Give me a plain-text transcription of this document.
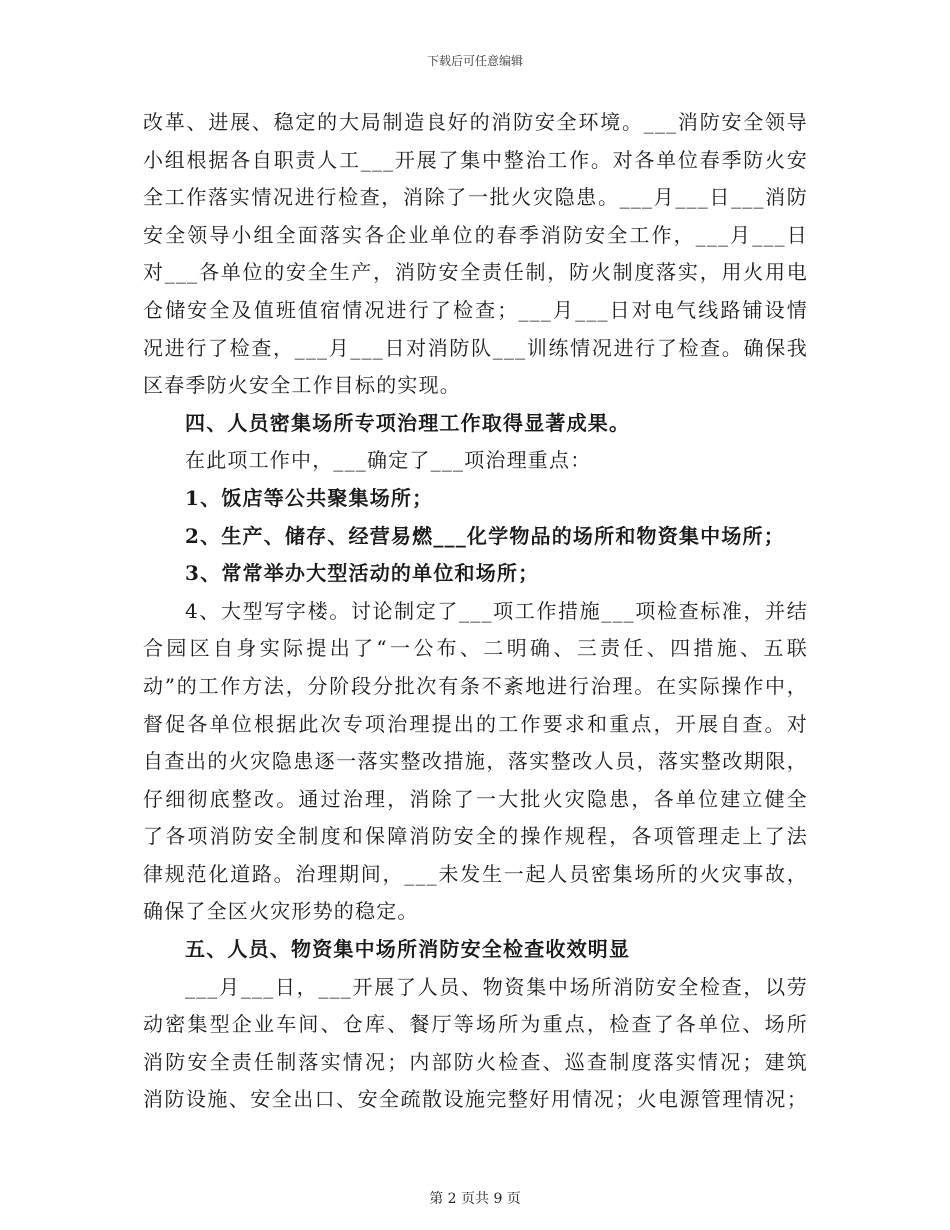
下载后可任意编辑
改革、进展、稳定的大局制造良好的消防安全环境。___消防安全领导
小组根据各自职责人工___开展了集中整治工作。对各单位春季防火安
全工作落实情况进行检查，消除了一批火灾隐患。___月___日___消防
安全领导小组全面落实各企业单位的春季消防安全工作，___月___日
对___各单位的安全生产，消防安全责任制，防火制度落实，用火用电
仓储安全及值班值宿情况进行了检查；___月___日对电气线路铺设情
况进行了检查，___月___日对消防队___训练情况进行了检查。确保我
区春季防火安全工作目标的实现。
四、人员密集场所专项治理工作取得显著成果。
在此项工作中，___确定了___项治理重点：
1、饭店等公共聚集场所；
2、生产、储存、经营易燃___化学物品的场所和物资集中场所；
3、常常举办大型活动的单位和场所；
4、大型写字楼。讨论制定了___项工作措施___项检查标准，并结
合园区自身实际提出了“一公布、二明确、三责任、四措施、五联
动”的工作方法，分阶段分批次有条不紊地进行治理。在实际操作中，
督促各单位根据此次专项治理提出的工作要求和重点，开展自查。对
自查出的火灾隐患逐一落实整改措施，落实整改人员，落实整改期限，
仔细彻底整改。通过治理，消除了一大批火灾隐患，各单位建立健全
了各项消防安全制度和保障消防安全的操作规程，各项管理走上了法
律规范化道路。治理期间，___未发生一起人员密集场所的火灾事故，
确保了全区火灾形势的稳定。
五、人员、物资集中场所消防安全检查收效明显
___月___日，___开展了人员、物资集中场所消防安全检查，以劳
动密集型企业车间、仓库、餐厅等场所为重点，检查了各单位、场所
消防安全责任制落实情况；内部防火检查、巡查制度落实情况；建筑
消防设施、安全出口、安全疏散设施完整好用情况；火电源管理情况；
第 2 页共 9 页
